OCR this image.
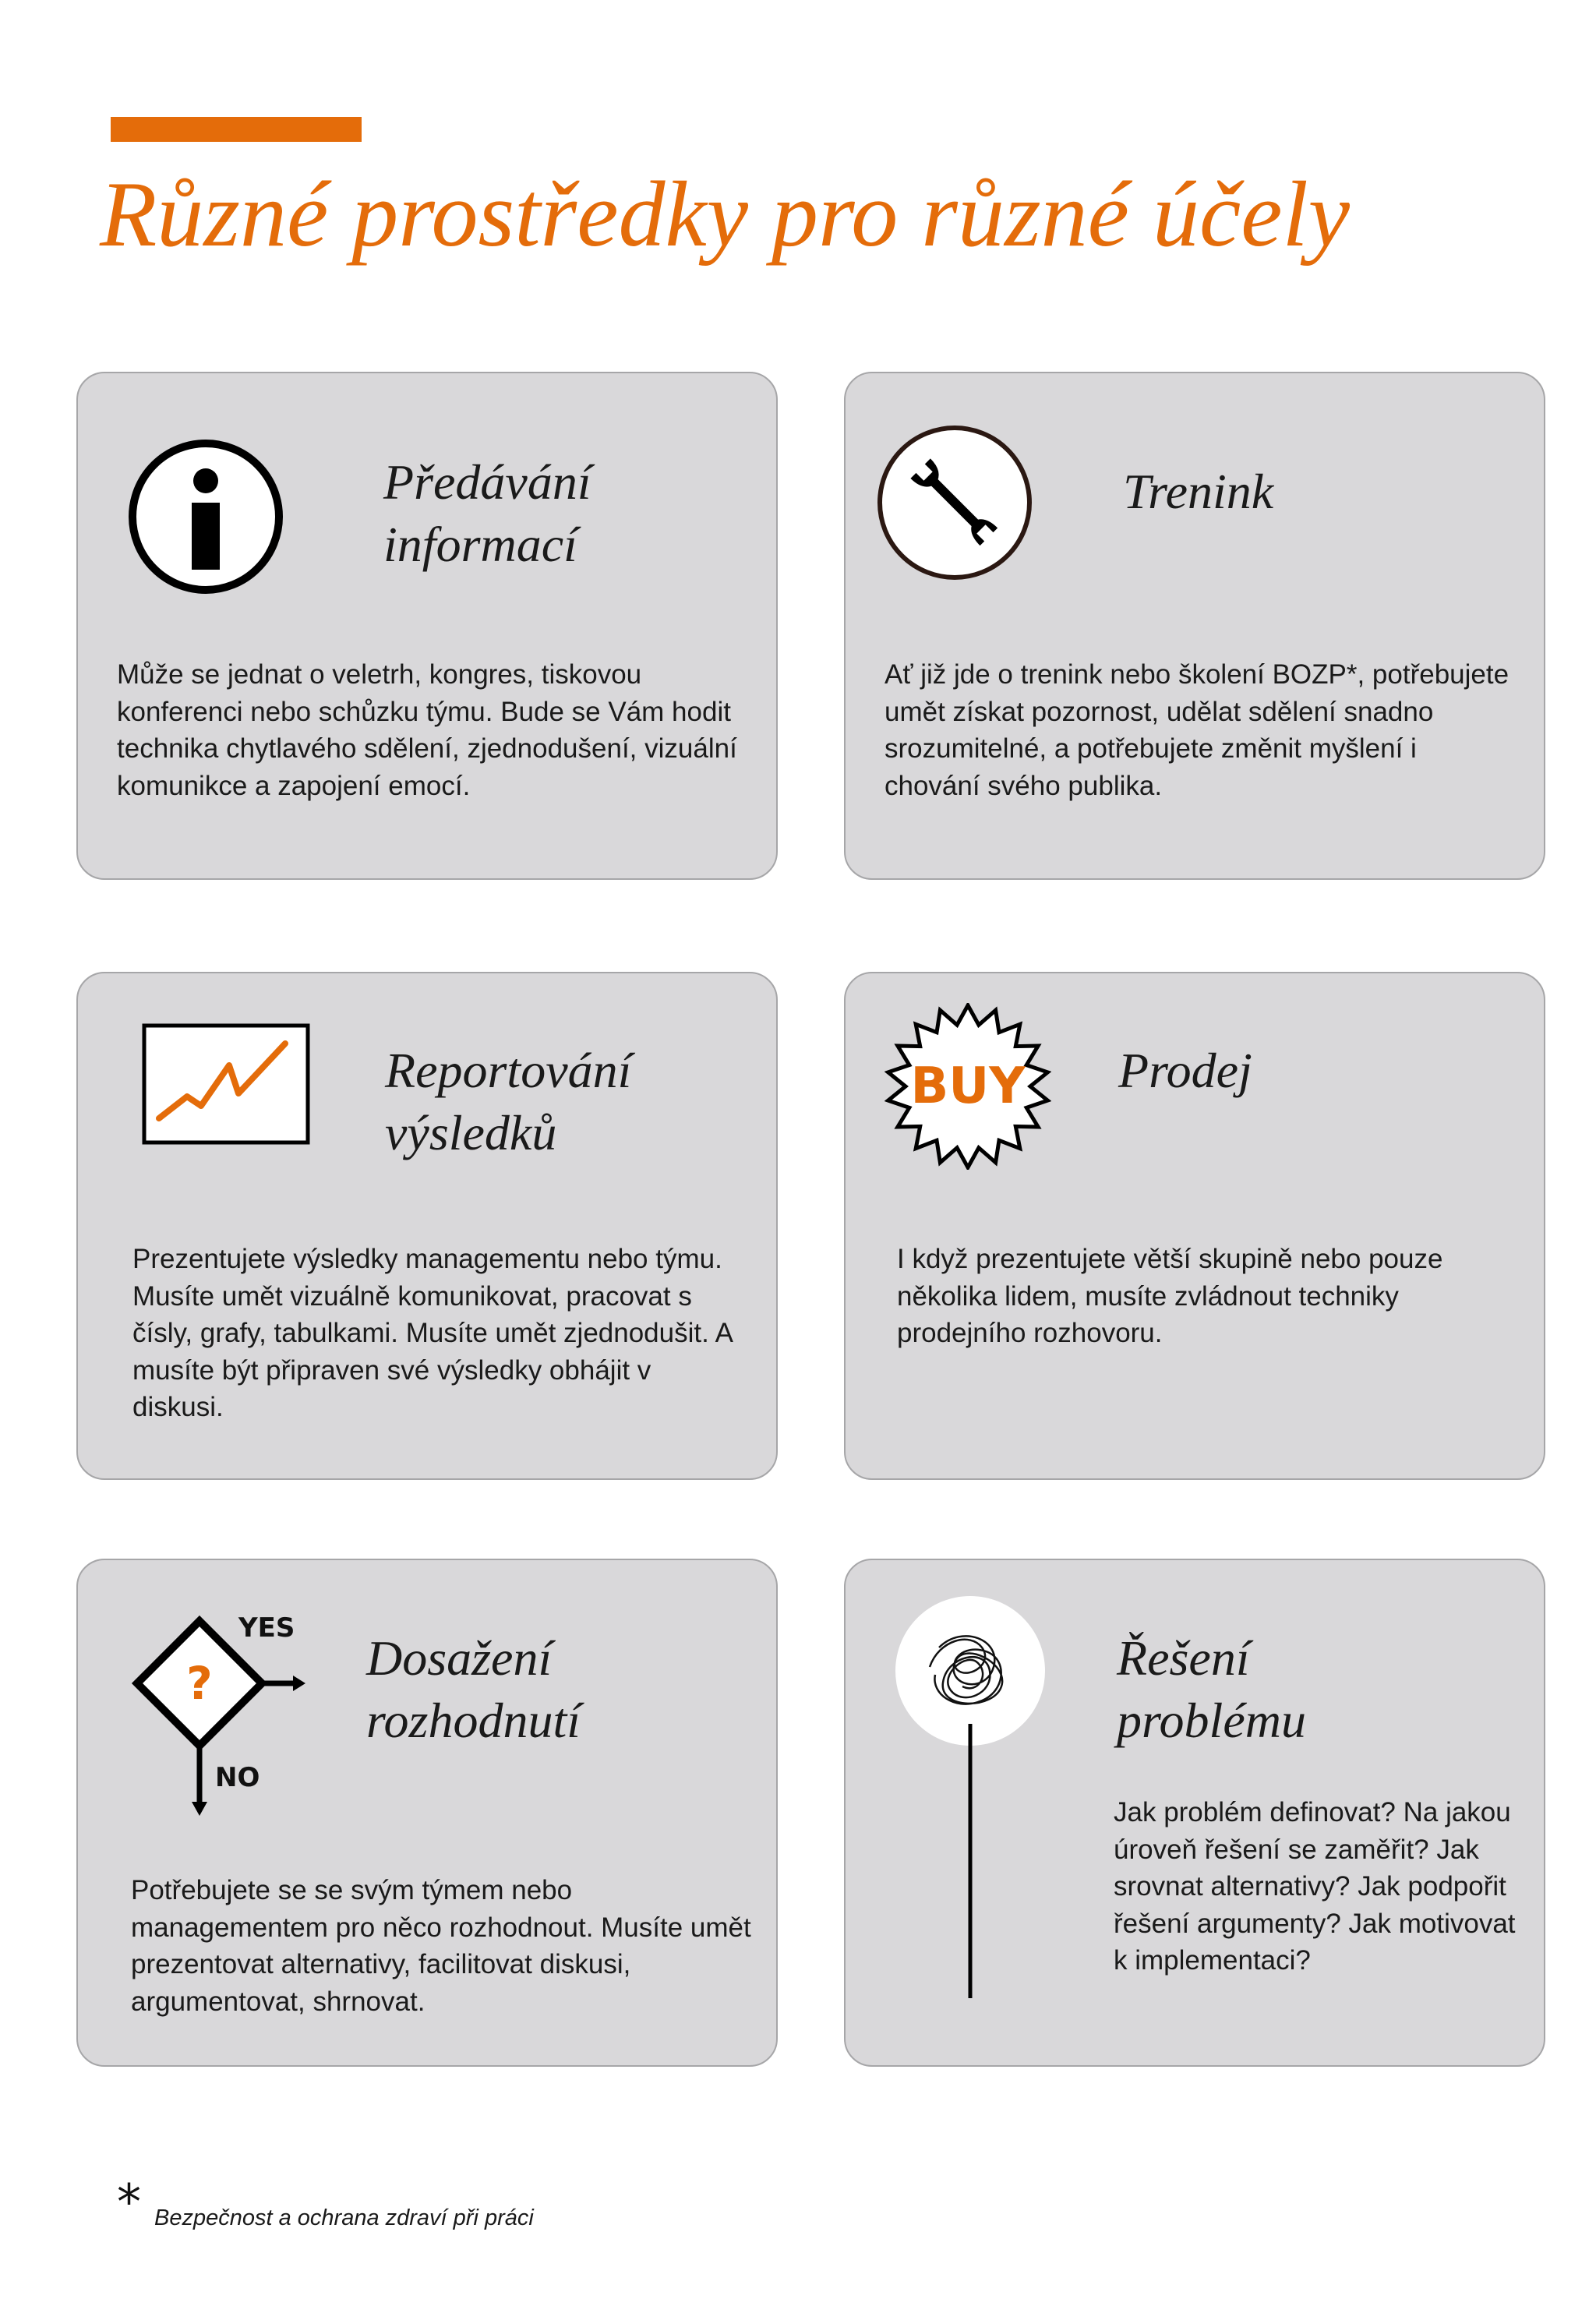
Různé prostředky pro různé účely
Předávání informací

Může se jednat o veletrh, kongres, tiskovou konferenci nebo schůzku týmu. Bude se Vám hodit technika chytlavého sdělení, zjednodušení, vizuální komunikce a zapojení emocí.

Trenink

Ať již jde o trenink nebo školení BOZP*, potřebujete umět získat pozornost, udělat sdělení snadno srozumitelné, a potřebujete změnit myšlení i chování svého publika.

Reportování výsledků

Prezentujete výsledky managementu nebo týmu. Musíte umět vizuálně komunikovat, pracovat s čísly, grafy, tabulkami. Musíte umět zjednodušit. A musíte být připraven své výsledky obhájit v diskusi.

BUY Prodej

I když prezentujete větší skupině nebo pouze několika lidem, musíte zvládnout techniky prodejního rozhovoru.

?
YES
NO
Dosažení rozhodnutí

Potřebujete se se svým týmem nebo managementem pro něco rozhodnout. Musíte umět prezentovat alternativy, facilitovat diskusi, argumentovat, shrnovat.

Řešení problému

Jak problém definovat? Na jakou úroveň řešení se zaměřit? Jak srovnat alternativy? Jak podpořit řešení argumenty? Jak motivovat k implementaci?

* Bezpečnost a ochrana zdraví při práci
